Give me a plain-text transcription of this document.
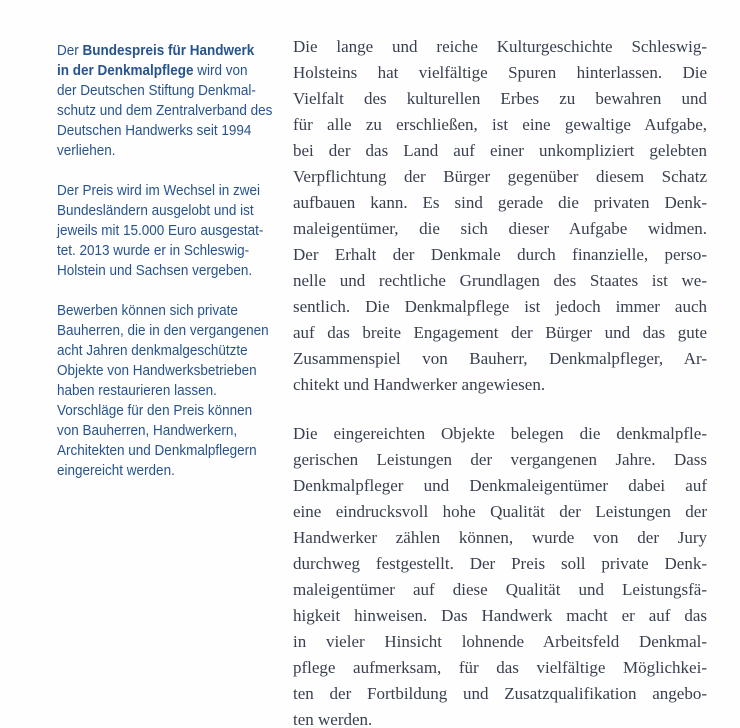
Der Bundespreis für Handwerk
in der Denkmalpflege wird von
der Deutschen Stiftung Denkmal-
schutz und dem Zentralverband des
Deutschen Handwerks seit 1994
verliehen.
Der Preis wird im Wechsel in zwei
Bundesländern ausgelobt und ist
jeweils mit 15.000 Euro ausgestat-
tet. 2013 wurde er in Schleswig-
Holstein und Sachsen vergeben.
Bewerben können sich private
Bauherren, die in den vergangenen
acht Jahren denkmalgeschützte
Objekte von Handwerksbetrieben
haben restaurieren lassen.
Vorschläge für den Preis können
von Bauherren, Handwerkern,
Architekten und Denkmalpflegern
eingereicht werden.
Die lange und reiche Kulturgeschichte Schleswig-
Holsteins hat vielfältige Spuren hinterlassen. Die
Vielfalt des kulturellen Erbes zu bewahren und
für alle zu erschließen, ist eine gewaltige Aufgabe,
bei der das Land auf einer unkompliziert gelebten
Verpflichtung der Bürger gegenüber diesem Schatz
aufbauen kann. Es sind gerade die privaten Denk-
maleigentümer, die sich dieser Aufgabe widmen.
Der Erhalt der Denkmale durch finanzielle, perso-
nelle und rechtliche Grundlagen des Staates ist we-
sentlich. Die Denkmalpflege ist jedoch immer auch
auf das breite Engagement der Bürger und das gute
Zusammenspiel von Bauherr, Denkmalpfleger, Ar-
chitekt und Handwerker angewiesen.
Die eingereichten Objekte belegen die denkmalpfle-
gerischen Leistungen der vergangenen Jahre. Dass
Denkmalpfleger und Denkmaleigentümer dabei auf
eine eindrucksvoll hohe Qualität der Leistungen der
Handwerker zählen können, wurde von der Jury
durchweg festgestellt. Der Preis soll private Denk-
maleigentümer auf diese Qualität und Leistungsfä-
higkeit hinweisen. Das Handwerk macht er auf das
in vieler Hinsicht lohnende Arbeitsfeld Denkmal-
pflege aufmerksam, für das vielfältige Möglichkei-
ten der Fortbildung und Zusatzqualifikation angebo-
ten werden.
